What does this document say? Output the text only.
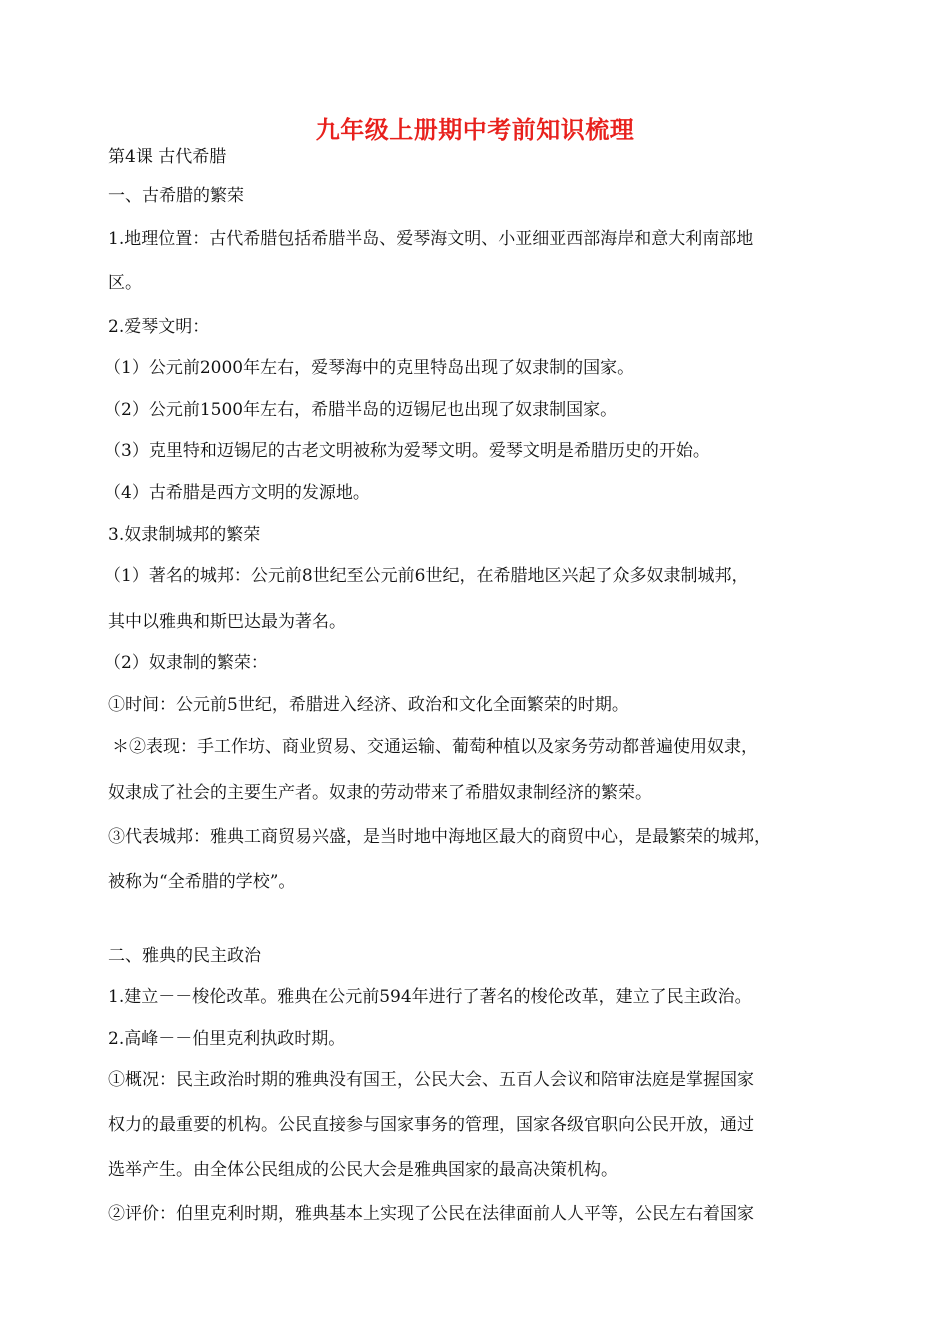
九年级上册期中考前知识梳理
第4课 古代希腊
一、古希腊的繁荣
1.地理位置：古代希腊包括希腊半岛、爱琴海文明、小亚细亚西部海岸和意大利南部地
区。
2.爱琴文明：
（1）公元前2000年左右，爱琴海中的克里特岛出现了奴隶制的国家。
（2）公元前1500年左右，希腊半岛的迈锡尼也出现了奴隶制国家。
（3）克里特和迈锡尼的古老文明被称为爱琴文明。爱琴文明是希腊历史的开始。
（4）古希腊是西方文明的发源地。
3.奴隶制城邦的繁荣
（1）著名的城邦：公元前8世纪至公元前6世纪，在希腊地区兴起了众多奴隶制城邦，
其中以雅典和斯巴达最为著名。
（2）奴隶制的繁荣：
①时间：公元前5世纪，希腊进入经济、政治和文化全面繁荣的时期。
＊②表现：手工作坊、商业贸易、交通运输、葡萄种植以及家务劳动都普遍使用奴隶，
奴隶成了社会的主要生产者。奴隶的劳动带来了希腊奴隶制经济的繁荣。
③代表城邦：雅典工商贸易兴盛，是当时地中海地区最大的商贸中心，是最繁荣的城邦，
被称为“全希腊的学校”。
二、雅典的民主政治
1.建立－－梭伦改革。雅典在公元前594年进行了著名的梭伦改革，建立了民主政治。
2.高峰－－伯里克利执政时期。
①概况：民主政治时期的雅典没有国王，公民大会、五百人会议和陪审法庭是掌握国家
权力的最重要的机构。公民直接参与国家事务的管理，国家各级官职向公民开放，通过
选举产生。由全体公民组成的公民大会是雅典国家的最高决策机构。
②评价：伯里克利时期，雅典基本上实现了公民在法律面前人人平等，公民左右着国家
